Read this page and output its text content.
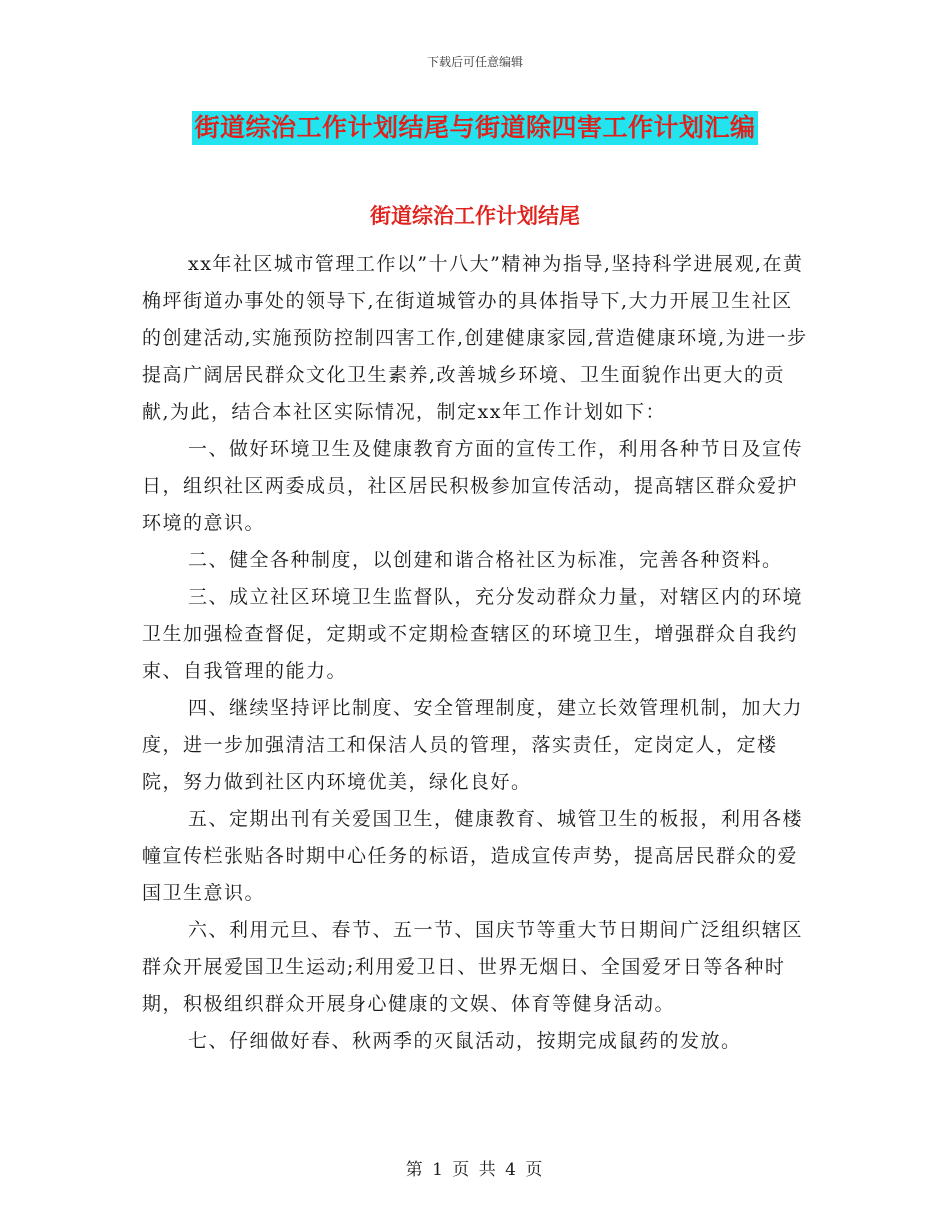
下载后可任意编辑
街道综治工作计划结尾与街道除四害工作计划汇编
街道综治工作计划结尾

xx年社区城市管理工作以”十八大”精神为指导,坚持科学进展观,在黄桷坪街道办事处的领导下,在街道城管办的具体指导下,大力开展卫生社区的创建活动,实施预防控制四害工作,创建健康家园,营造健康环境,为进一步提高广阔居民群众文化卫生素养,改善城乡环境、卫生面貌作出更大的贡献,为此，结合本社区实际情况，制定xx年工作计划如下：

一、做好环境卫生及健康教育方面的宣传工作，利用各种节日及宣传日，组织社区两委成员，社区居民积极参加宣传活动，提高辖区群众爱护环境的意识。

二、健全各种制度，以创建和谐合格社区为标准，完善各种资料。

三、成立社区环境卫生监督队，充分发动群众力量，对辖区内的环境卫生加强检查督促，定期或不定期检查辖区的环境卫生，增强群众自我约束、自我管理的能力。

四、继续坚持评比制度、安全管理制度，建立长效管理机制，加大力度，进一步加强清洁工和保洁人员的管理，落实责任，定岗定人，定楼院，努力做到社区内环境优美，绿化良好。

五、定期出刊有关爱国卫生，健康教育、城管卫生的板报，利用各楼幢宣传栏张贴各时期中心任务的标语，造成宣传声势，提高居民群众的爱国卫生意识。

六、利用元旦、春节、五一节、国庆节等重大节日期间广泛组织辖区群众开展爱国卫生运动;利用爱卫日、世界无烟日、全国爱牙日等各种时期，积极组织群众开展身心健康的文娱、体育等健身活动。

七、仔细做好春、秋两季的灭鼠活动，按期完成鼠药的发放。

第 1 页 共 4 页
